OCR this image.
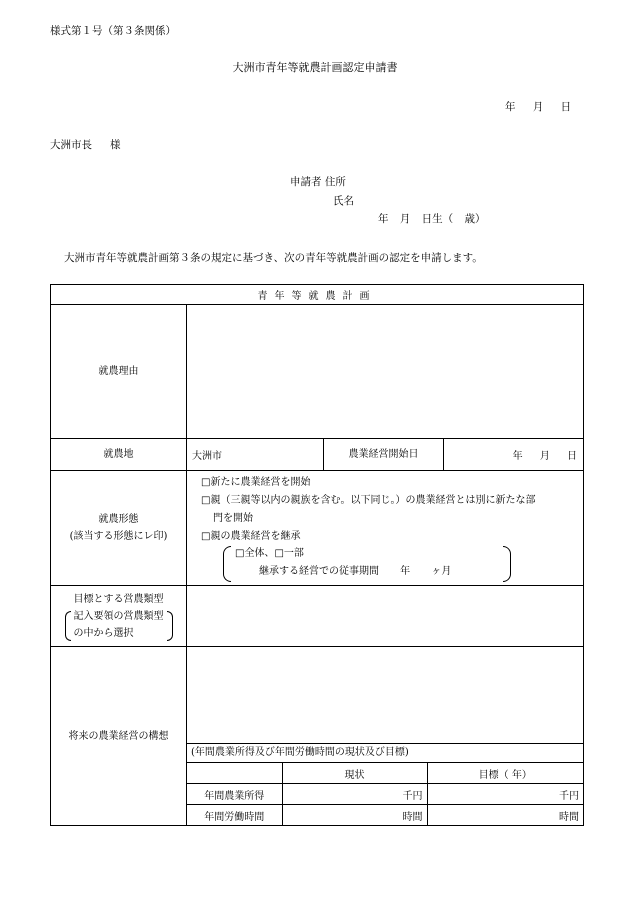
様式第１号（第３条関係）
大洲市青年等就農計画認定申請書
年 月 日
大洲市長 様
申請者 住所
氏名
年 月 日生（ 歳）
大洲市青年等就農計画第３条の規定に基づき、次の青年等就農計画の認定を申請します。
青年等就農計画
就農理由	
就農地	大洲市	農業経営開始日	年 月 日

就農形態
(該当する形態にレ印)

□新たに農業経営を開始
□親（三親等以内の親族を含む。以下同じ。）の農業経営とは別に新たな部
門を開始
□親の農業経営を継承
□全体、□一部
継承する経営での従事期間 年 ヶ月

目標とする営農類型
記入要領の営農類型
の中から選択

将来の農業経営の構想	
(年間農業所得及び年間労働時間の現状及び目標)
	現状	目標（ 年）
年間農業所得	千円	千円
年間労働時間	時間	時間
